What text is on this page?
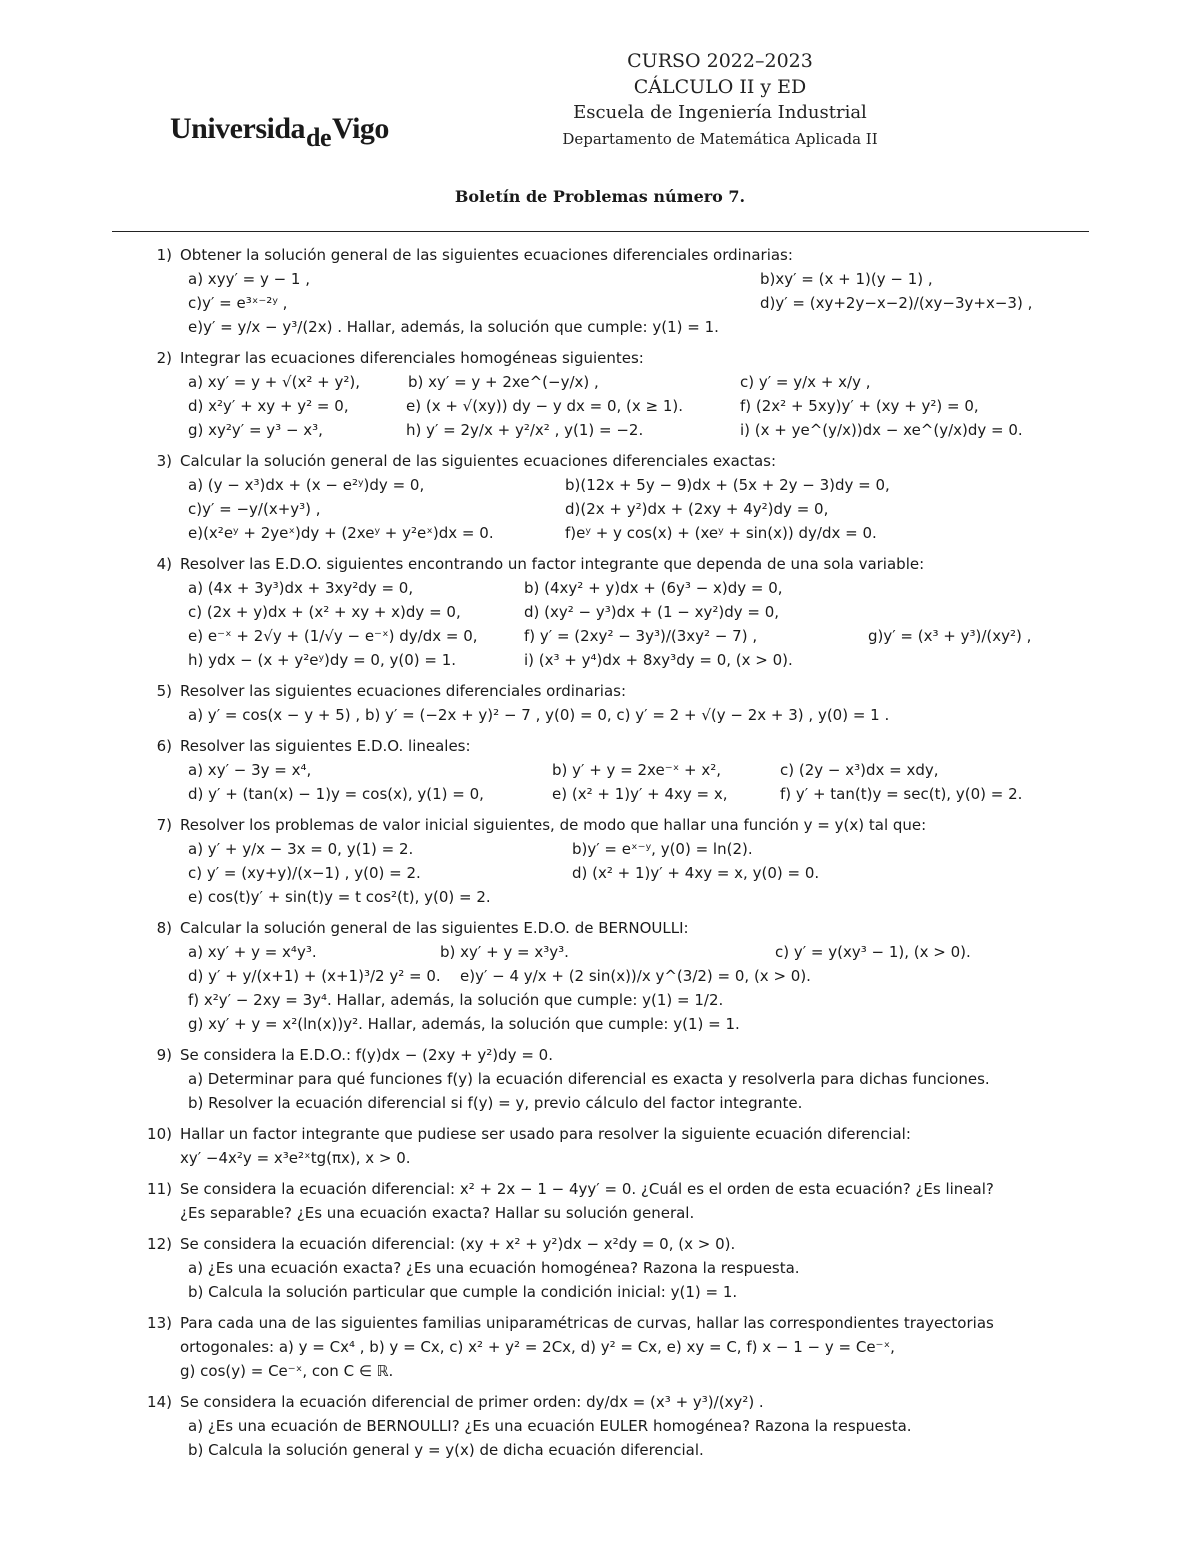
UniversidadeVigo
CURSO 2022–2023
CÁLCULO II y ED
Escuela de Ingeniería Industrial
Departamento de Matemática Aplicada II
Boletín de Problemas número 7.
1) Obtener la solución general de las siguientes ecuaciones diferenciales ordinarias:
a) xyy′ = y − 1 ,	b)xy′ = (x + 1)(y − 1) ,
c)y′ = e³ˣ⁻²ʸ ,	d)y′ = (xy+2y−x−2)/(xy−3y+x−3) ,
e)y′ = y/x − y³/(2x) . Hallar, además, la solución que cumple: y(1) = 1.
2) Integrar las ecuaciones diferenciales homogéneas siguientes:
a) xy′ = y + √(x² + y²),	b) xy′ = y + 2xe^(−y/x) ,	c) y′ = y/x + x/y ,
d) x²y′ + xy + y² = 0,	e) (x + √(xy)) dy − y dx = 0, (x ≥ 1).	f) (2x² + 5xy)y′ + (xy + y²) = 0,
g) xy²y′ = y³ − x³,	h) y′ = 2y/x + y²/x² , y(1) = −2.	i) (x + ye^(y/x))dx − xe^(y/x)dy = 0.
3) Calcular la solución general de las siguientes ecuaciones diferenciales exactas:
a) (y − x³)dx + (x − e²ʸ)dy = 0,	b)(12x + 5y − 9)dx + (5x + 2y − 3)dy = 0,
c)y′ = −y/(x+y³) ,	d)(2x + y²)dx + (2xy + 4y²)dy = 0,
e)(x²eʸ + 2yeˣ)dy + (2xeʸ + y²eˣ)dx = 0.	f)eʸ + y cos(x) + (xeʸ + sin(x)) dy/dx = 0.
4) Resolver las E.D.O. siguientes encontrando un factor integrante que dependa de una sola variable:
a) (4x + 3y³)dx + 3xy²dy = 0,	b) (4xy² + y)dx + (6y³ − x)dy = 0,
c) (2x + y)dx + (x² + xy + x)dy = 0,	d) (xy² − y³)dx + (1 − xy²)dy = 0,
e) e⁻ˣ + 2√y + (1/√y − e⁻ˣ) dy/dx = 0,	f) y′ = (2xy² − 3y³)/(3xy² − 7) ,	g)y′ = (x³ + y³)/(xy²) ,
h) ydx − (x + y²eʸ)dy = 0, y(0) = 1.	i) (x³ + y⁴)dx + 8xy³dy = 0, (x > 0).
5) Resolver las siguientes ecuaciones diferenciales ordinarias:
a) y′ = cos(x − y + 5) , b) y′ = (−2x + y)² − 7 , y(0) = 0, c) y′ = 2 + √(y − 2x + 3) , y(0) = 1 .
6) Resolver las siguientes E.D.O. lineales:
a) xy′ − 3y = x⁴,	b) y′ + y = 2xe⁻ˣ + x²,	c) (2y − x³)dx = xdy,
d) y′ + (tan(x) − 1)y = cos(x), y(1) = 0,	e) (x² + 1)y′ + 4xy = x,	f) y′ + tan(t)y = sec(t), y(0) = 2.
7) Resolver los problemas de valor inicial siguientes, de modo que hallar una función y = y(x) tal que:
a) y′ + y/x − 3x = 0, y(1) = 2.	b)y′ = eˣ⁻ʸ, y(0) = ln(2).
c) y′ = (xy+y)/(x−1) , y(0) = 2.	d) (x² + 1)y′ + 4xy = x, y(0) = 0.
e) cos(t)y′ + sin(t)y = t cos²(t), y(0) = 2.
8) Calcular la solución general de las siguientes E.D.O. de BERNOULLI:
a) xy′ + y = x⁴y³.	b) xy′ + y = x³y³.	c) y′ = y(xy³ − 1), (x > 0).
d) y′ + y/(x+1) + (x+1)³/2 y² = 0. e)y′ − 4 y/x + (2 sin(x))/x y^(3/2) = 0, (x > 0).
f) x²y′ − 2xy = 3y⁴. Hallar, además, la solución que cumple: y(1) = 1/2.
g) xy′ + y = x²(ln(x))y². Hallar, además, la solución que cumple: y(1) = 1.
9) Se considera la E.D.O.: f(y)dx − (2xy + y²)dy = 0.
a) Determinar para qué funciones f(y) la ecuación diferencial es exacta y resolverla para dichas funciones.
b) Resolver la ecuación diferencial si f(y) = y, previo cálculo del factor integrante.
10) Hallar un factor integrante que pudiese ser usado para resolver la siguiente ecuación diferencial:
xy′ −4x²y = x³e²ˣtg(πx), x > 0.
11) Se considera la ecuación diferencial: x² + 2x − 1 − 4yy′ = 0. ¿Cuál es el orden de esta ecuación? ¿Es lineal?
¿Es separable? ¿Es una ecuación exacta? Hallar su solución general.
12) Se considera la ecuación diferencial: (xy + x² + y²)dx − x²dy = 0, (x > 0).
a) ¿Es una ecuación exacta? ¿Es una ecuación homogénea? Razona la respuesta.
b) Calcula la solución particular que cumple la condición inicial: y(1) = 1.
13) Para cada una de las siguientes familias uniparamétricas de curvas, hallar las correspondientes trayectorias
ortogonales: a) y = Cx⁴ , b) y = Cx, c) x² + y² = 2Cx, d) y² = Cx, e) xy = C, f) x − 1 − y = Ce⁻ˣ,
g) cos(y) = Ce⁻ˣ, con C ∈ ℝ.
14) Se considera la ecuación diferencial de primer orden: dy/dx = (x³ + y³)/(xy²) .
a) ¿Es una ecuación de BERNOULLI? ¿Es una ecuación EULER homogénea? Razona la respuesta.
b) Calcula la solución general y = y(x) de dicha ecuación diferencial.
